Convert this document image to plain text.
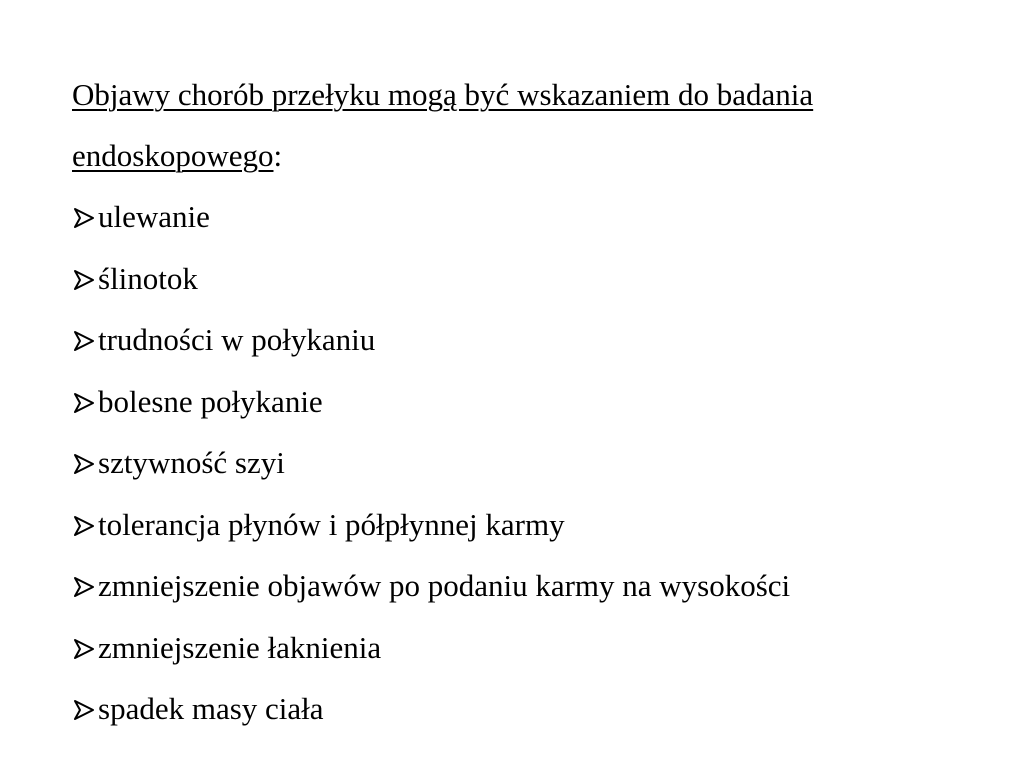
Objawy chorób przełyku mogą być wskazaniem do badania
endoskopowego:

ulewanie
ślinotok
trudności w połykaniu
bolesne połykanie
sztywność szyi
tolerancja płynów i półpłynnej karmy
zmniejszenie objawów po podaniu karmy na wysokości
zmniejszenie łaknienia
spadek masy ciała
